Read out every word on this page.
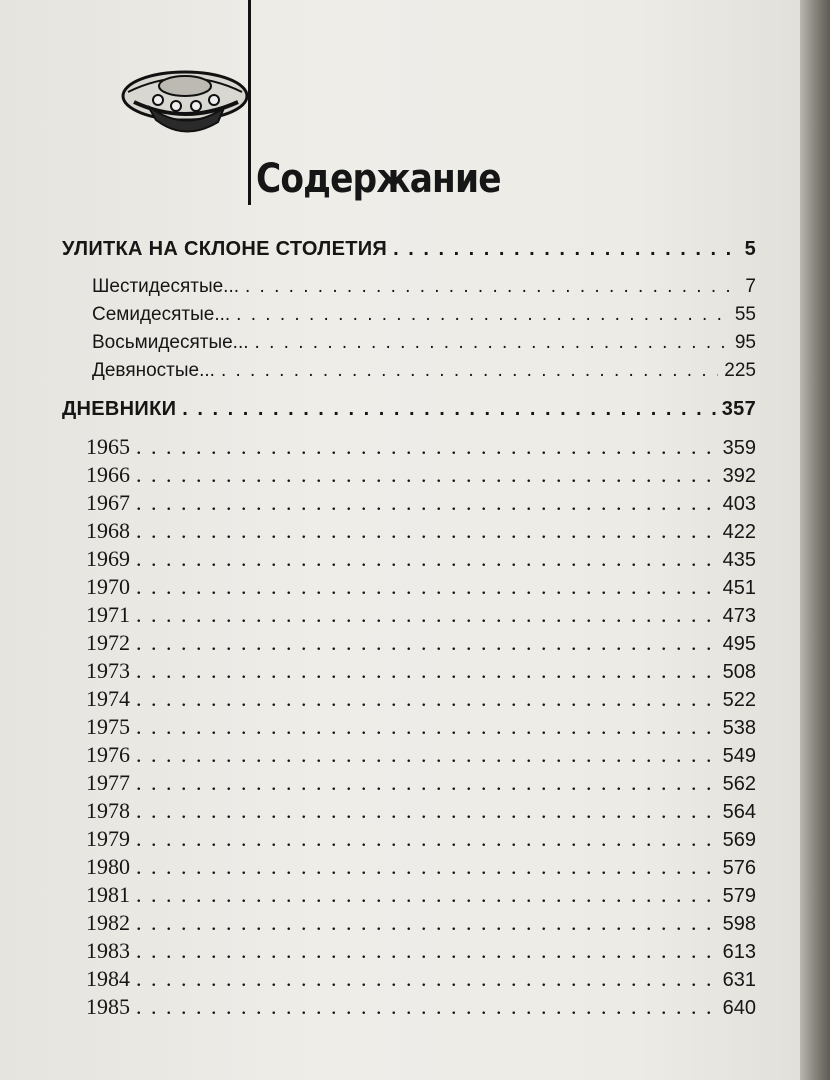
Содержание
УЛИТКА НА СКЛОНЕ СТОЛЕТИЯ . . .	5
Шестидесятые... . . .	7
Семидесятые... . . .	55
Восьмидесятые... . . .	95
Девяностые... . . .	225
ДНЕВНИКИ . . .	357
1965 . . .	359
1966 . . .	392
1967 . . .	403
1968 . . .	422
1969 . . .	435
1970 . . .	451
1971 . . .	473
1972 . . .	495
1973 . . .	508
1974 . . .	522
1975 . . .	538
1976 . . .	549
1977 . . .	562
1978 . . .	564
1979 . . .	569
1980 . . .	576
1981 . . .	579
1982 . . .	598
1983 . . .	613
1984 . . .	631
1985 . . .	640
